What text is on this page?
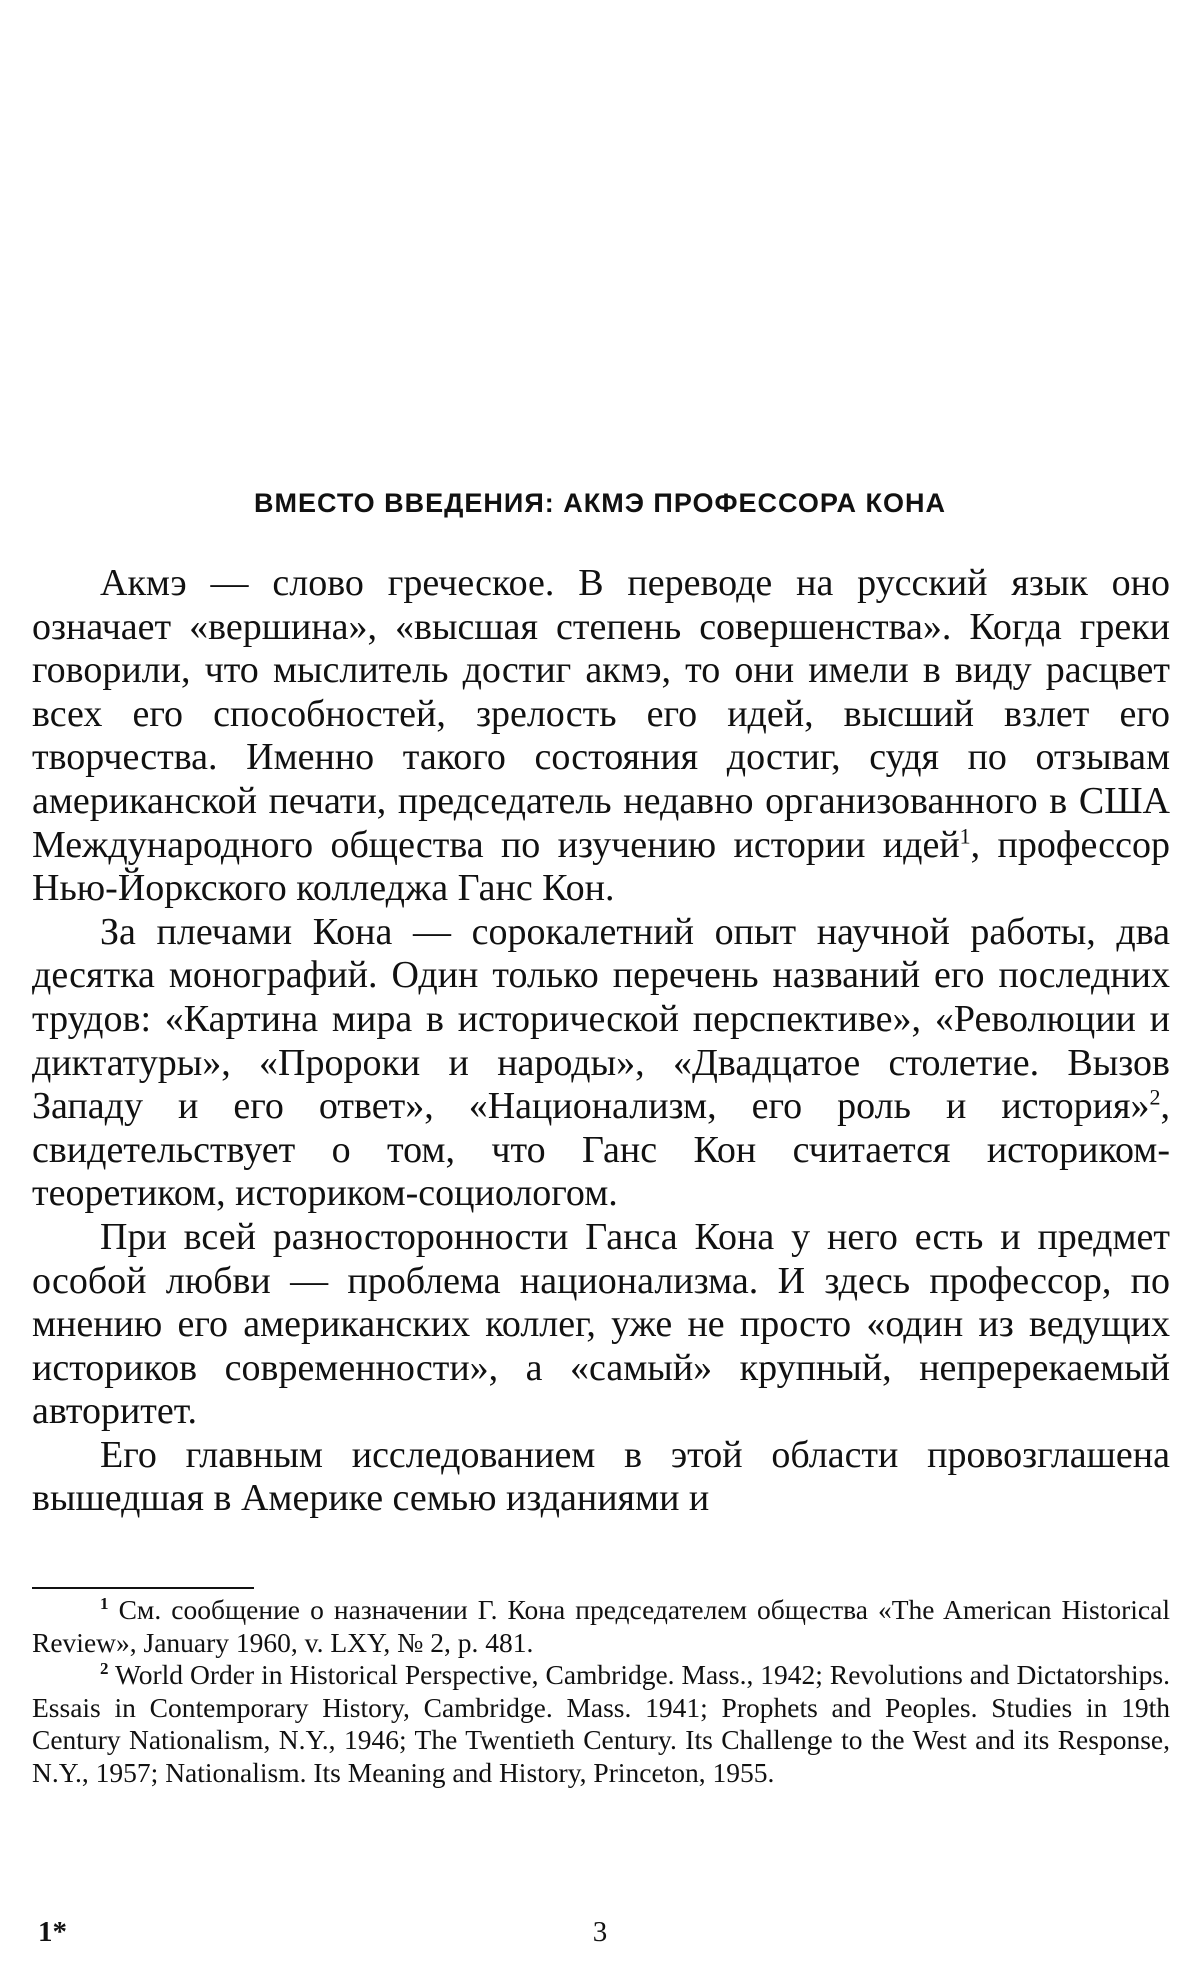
ВМЕСТО ВВЕДЕНИЯ: АКМЭ ПРОФЕССОРА КОНА

Акмэ — слово греческое. В переводе на русский язык оно означает «вершина», «высшая степень совершенства». Когда греки говорили, что мыслитель достиг акмэ, то они имели в виду расцвет всех его способностей, зрелость его идей, высший взлет его творчества. Именно такого состояния достиг, судя по отзывам американской печати, председатель недавно организованного в США Международного общества по изучению истории идей$^1$, профессор Нью-Йоркского колледжа Ганс Кон.

За плечами Кона — сорокалетний опыт научной работы, два десятка монографий. Один только перечень названий его последних трудов: «Картина мира в исторической перспективе», «Революции и диктатуры», «Пророки и народы», «Двадцатое столетие. Вызов Западу и его ответ», «Национализм, его роль и история»$^2$, свидетельствует о том, что Ганс Кон считается историком-теоретиком, историком-социологом.

При всей разносторонности Ганса Кона у него есть и предмет особой любви — проблема национализма. И здесь профессор, по мнению его американских коллег, уже не просто «один из ведущих историков современности», а «самый» крупный, непререкаемый авторитет.

Его главным исследованием в этой области провозглашена вышедшая в Америке семью изданиями и

$^1$ См. сообщение о назначении Г. Кона председателем общества «The American Historical Review», January 1960, v. LXY, № 2, p. 481.

$^2$ World Order in Historical Perspective, Cambridge. Mass., 1942; Revolutions and Dictatorships. Essais in Contemporary History, Cambridge. Mass. 1941; Prophets and Peoples. Studies in 19th Century Nationalism, N.Y., 1946; The Twentieth Century. Its Challenge to the West and its Response, N.Y., 1957; Nationalism. Its Meaning and History, Princeton, 1955.

1*	3
